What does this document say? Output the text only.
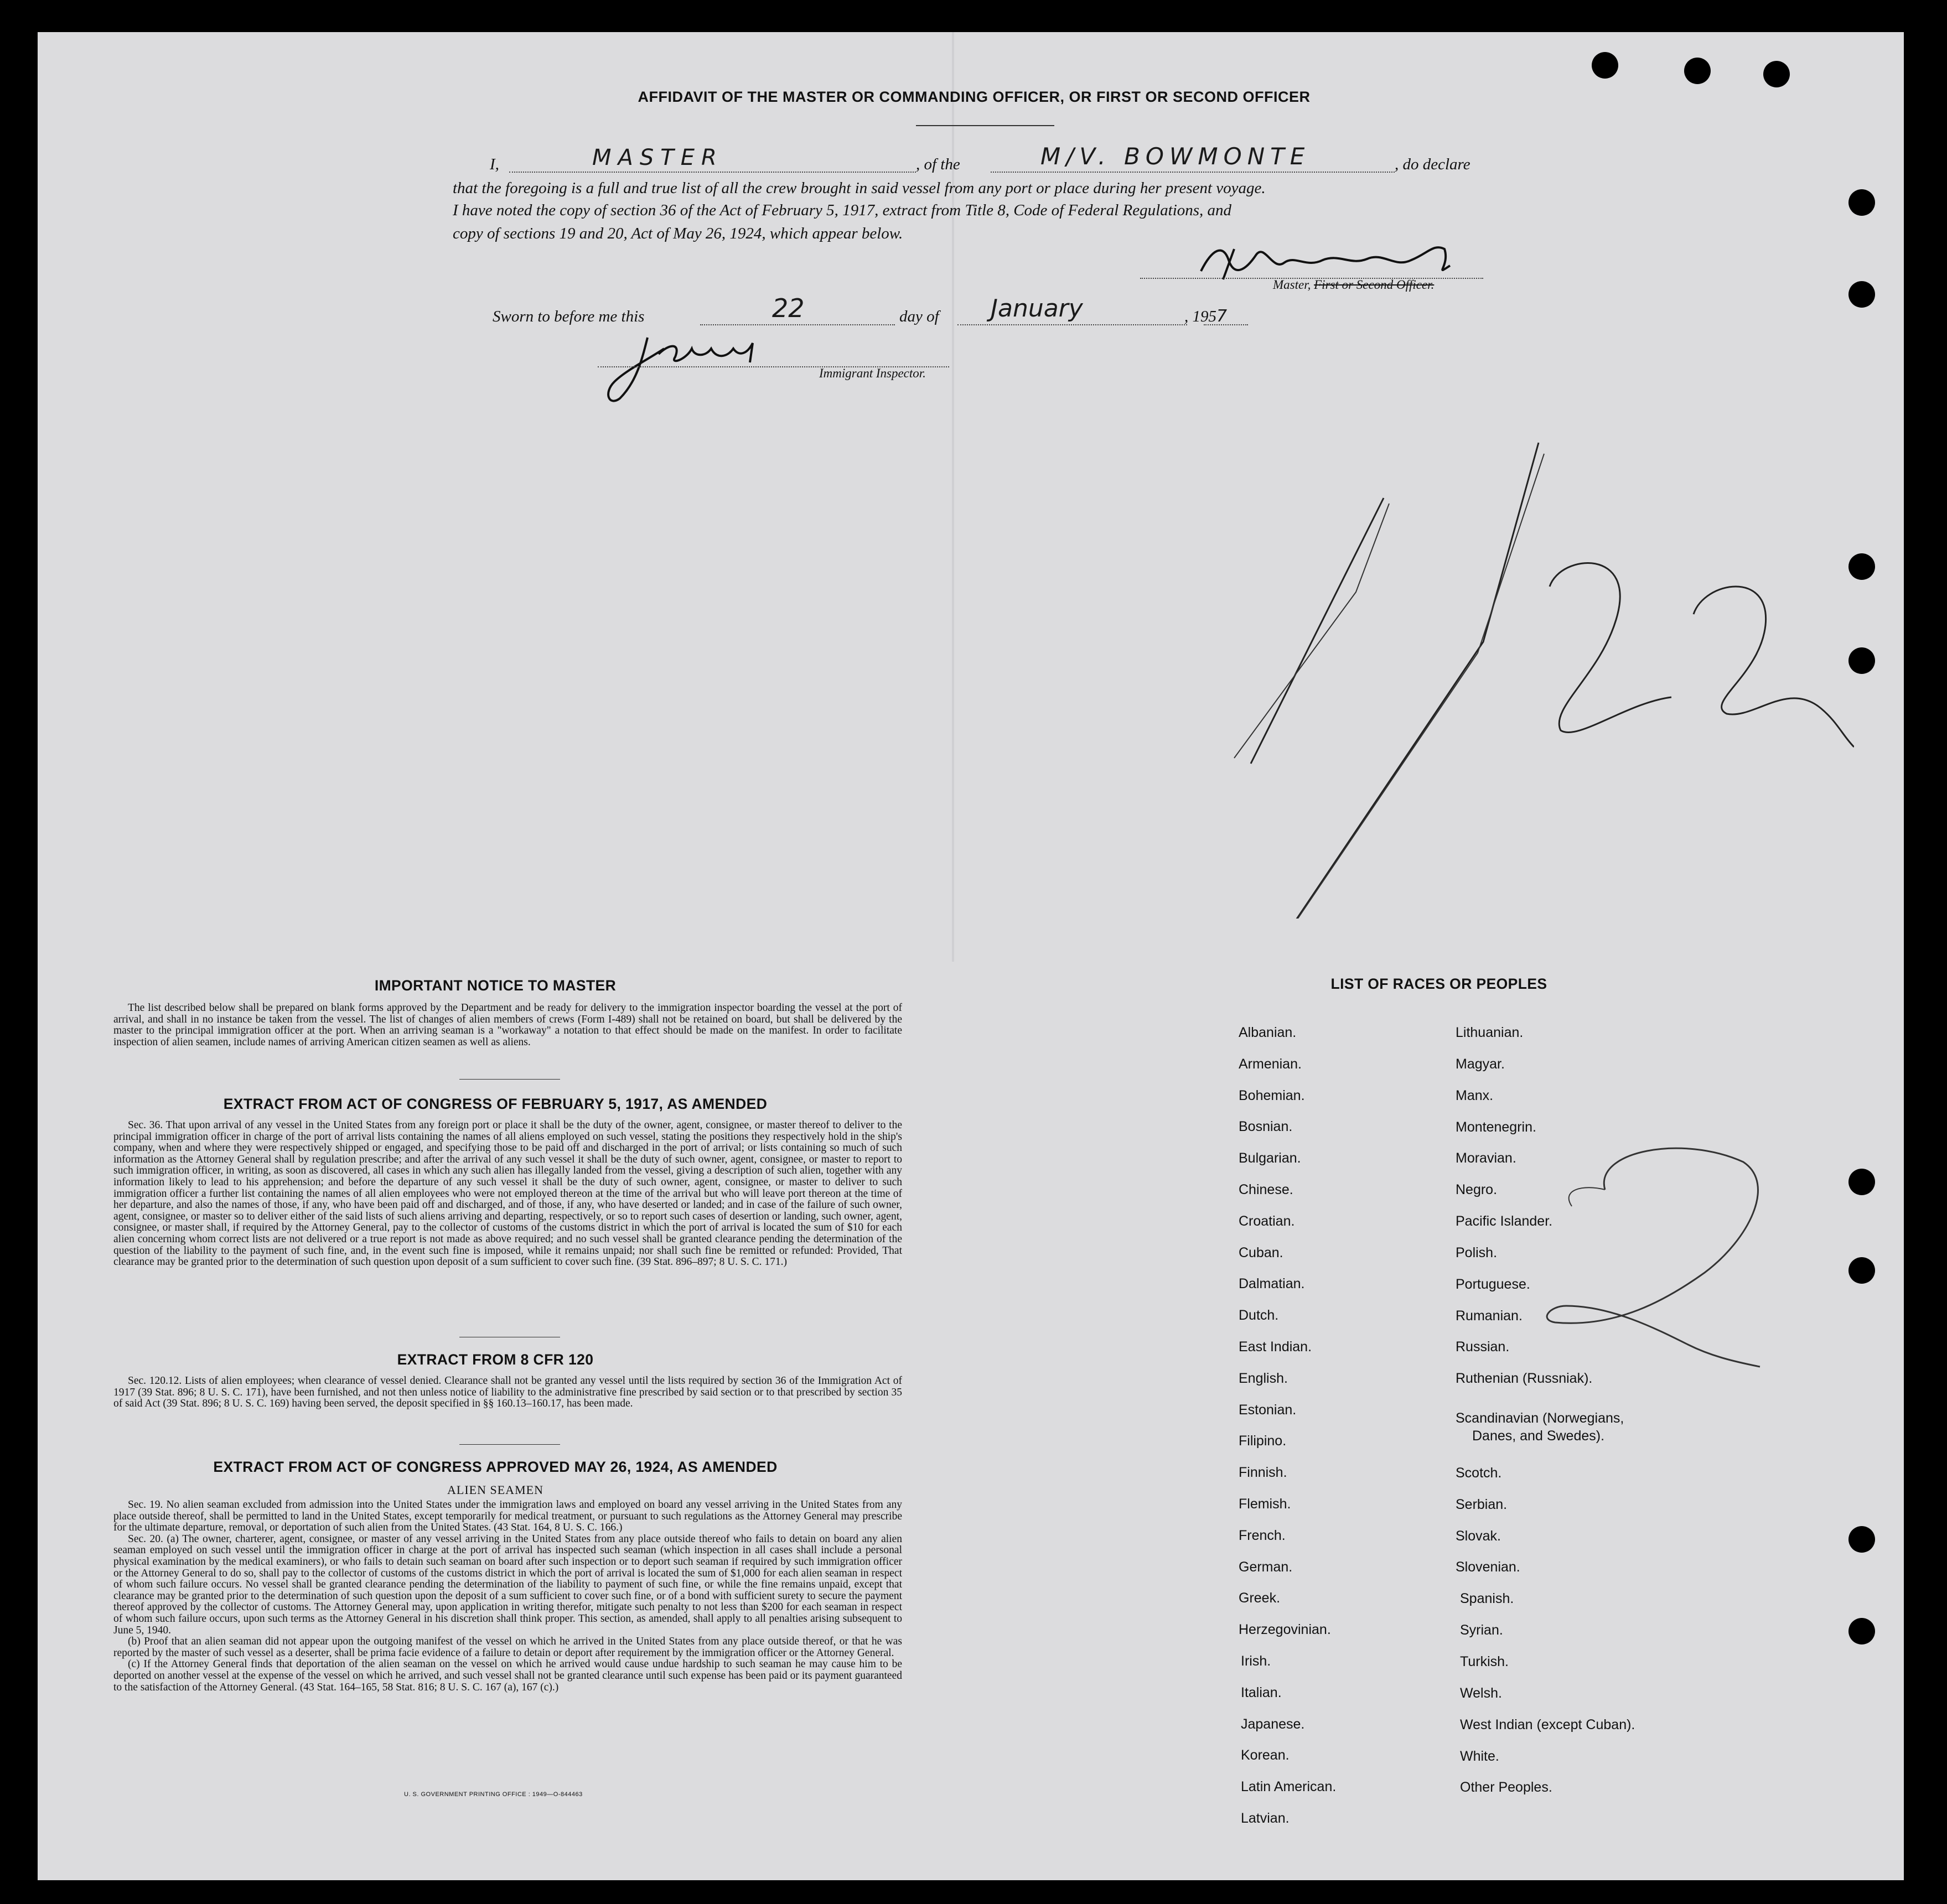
AFFIDAVIT OF THE MASTER OR COMMANDING OFFICER, OR FIRST OR SECOND OFFICER
I,	MASTER	, of the	M/V. BOWMONTE	, do declare
that the foregoing is a full and true list of all the crew brought in said vessel from any port or place during her present voyage.
I have noted the copy of section 36 of the Act of February 5, 1917, extract from Title 8, Code of Federal Regulations, and
copy of sections 19 and 20, Act of May 26, 1924, which appear below.
Master, First or Second Officer.
Sworn to before me this	22	day of January	, 1957
Immigrant Inspector.
IMPORTANT NOTICE TO MASTER

The list described below shall be prepared on blank forms approved by the Department and be ready for delivery to the immigration inspector boarding the vessel at the port of arrival, and shall in no instance be taken from the vessel. The list of changes of alien members of crews (Form I-489) shall not be retained on board, but shall be delivered by the master to the principal immigration officer at the port. When an arriving seaman is a "workaway" a notation to that effect should be made on the manifest. In order to facilitate inspection of alien seamen, include names of arriving American citizen seamen as well as aliens.

EXTRACT FROM ACT OF CONGRESS OF FEBRUARY 5, 1917, AS AMENDED

Sec. 36. That upon arrival of any vessel in the United States from any foreign port or place it shall be the duty of the owner, agent, consignee, or master thereof to deliver to the principal immigration officer in charge of the port of arrival lists containing the names of all aliens employed on such vessel, stating the positions they respectively hold in the ship's company, when and where they were respectively shipped or engaged, and specifying those to be paid off and discharged in the port of arrival; or lists containing so much of such information as the Attorney General shall by regulation prescribe; and after the arrival of any such vessel it shall be the duty of such owner, agent, consignee, or master to report to such immigration officer, in writing, as soon as discovered, all cases in which any such alien has illegally landed from the vessel, giving a description of such alien, together with any information likely to lead to his apprehension; and before the departure of any such vessel it shall be the duty of such owner, agent, consignee, or master to deliver to such immigration officer a further list containing the names of all alien employees who were not employed thereon at the time of the arrival but who will leave port thereon at the time of her departure, and also the names of those, if any, who have been paid off and discharged, and of those, if any, who have deserted or landed; and in case of the failure of such owner, agent, consignee, or master so to deliver either of the said lists of such aliens arriving and departing, respectively, or so to report such cases of desertion or landing, such owner, agent, consignee, or master shall, if required by the Attorney General, pay to the collector of customs of the customs district in which the port of arrival is located the sum of $10 for each alien concerning whom correct lists are not delivered or a true report is not made as above required; and no such vessel shall be granted clearance pending the determination of the question of the liability to the payment of such fine, and, in the event such fine is imposed, while it remains unpaid; nor shall such fine be remitted or refunded: Provided, That clearance may be granted prior to the determination of such question upon deposit of a sum sufficient to cover such fine. (39 Stat. 896–897; 8 U. S. C. 171.)

EXTRACT FROM 8 CFR 120

Sec. 120.12. Lists of alien employees; when clearance of vessel denied. Clearance shall not be granted any vessel until the lists required by section 36 of the Immigration Act of 1917 (39 Stat. 896; 8 U. S. C. 171), have been furnished, and not then unless notice of liability to the administrative fine prescribed by said section or to that prescribed by section 35 of said Act (39 Stat. 896; 8 U. S. C. 169) having been served, the deposit specified in §§ 160.13–160.17, has been made.

EXTRACT FROM ACT OF CONGRESS APPROVED MAY 26, 1924, AS AMENDED
ALIEN SEAMEN

Sec. 19. No alien seaman excluded from admission into the United States under the immigration laws and employed on board any vessel arriving in the United States from any place outside thereof, shall be permitted to land in the United States, except temporarily for medical treatment, or pursuant to such regulations as the Attorney General may prescribe for the ultimate departure, removal, or deportation of such alien from the United States. (43 Stat. 164, 8 U. S. C. 166.)

Sec. 20. (a) The owner, charterer, agent, consignee, or master of any vessel arriving in the United States from any place outside thereof who fails to detain on board any alien seaman employed on such vessel until the immigration officer in charge at the port of arrival has inspected such seaman (which inspection in all cases shall include a personal physical examination by the medical examiners), or who fails to detain such seaman on board after such inspection or to deport such seaman if required by such immigration officer or the Attorney General to do so, shall pay to the collector of customs of the customs district in which the port of arrival is located the sum of $1,000 for each alien seaman in respect of whom such failure occurs. No vessel shall be granted clearance pending the determination of the liability to payment of such fine, or while the fine remains unpaid, except that clearance may be granted prior to the determination of such question upon the deposit of a sum sufficient to cover such fine, or of a bond with sufficient surety to secure the payment thereof approved by the collector of customs. The Attorney General may, upon application in writing therefor, mitigate such penalty to not less than $200 for each seaman in respect of whom such failure occurs, upon such terms as the Attorney General in his discretion shall think proper. This section, as amended, shall apply to all penalties arising subsequent to June 5, 1940.

(b) Proof that an alien seaman did not appear upon the outgoing manifest of the vessel on which he arrived in the United States from any place outside thereof, or that he was reported by the master of such vessel as a deserter, shall be prima facie evidence of a failure to detain or deport after requirement by the immigration officer or the Attorney General.

(c) If the Attorney General finds that deportation of the alien seaman on the vessel on which he arrived would cause undue hardship to such seaman he may cause him to be deported on another vessel at the expense of the vessel on which he arrived, and such vessel shall not be granted clearance until such expense has been paid or its payment guaranteed to the satisfaction of the Attorney General. (43 Stat. 164–165, 58 Stat. 816; 8 U. S. C. 167 (a), 167 (c).)

U. S. GOVERNMENT PRINTING OFFICE : 1949—O-844463
LIST OF RACES OR PEOPLES
Albanian.
Armenian.
Bohemian.
Bosnian.
Bulgarian.
Chinese.
Croatian.
Cuban.
Dalmatian.
Dutch.
East Indian.
English.
Estonian.
Filipino.
Finnish.
Flemish.
French.
German.
Greek.
Herzegovinian.
Irish.
Italian.
Japanese.
Korean.
Latin American.
Latvian.
Lithuanian.
Magyar.
Manx.
Montenegrin.
Moravian.
Negro.
Pacific Islander.
Polish.
Portuguese.
Rumanian.
Russian.
Ruthenian (Russniak).
Scandinavian (Norwegians,
Danes, and Swedes).
Scotch.
Serbian.
Slovak.
Slovenian.
Spanish.
Syrian.
Turkish.
Welsh.
West Indian (except Cuban).
White.
Other Peoples.
